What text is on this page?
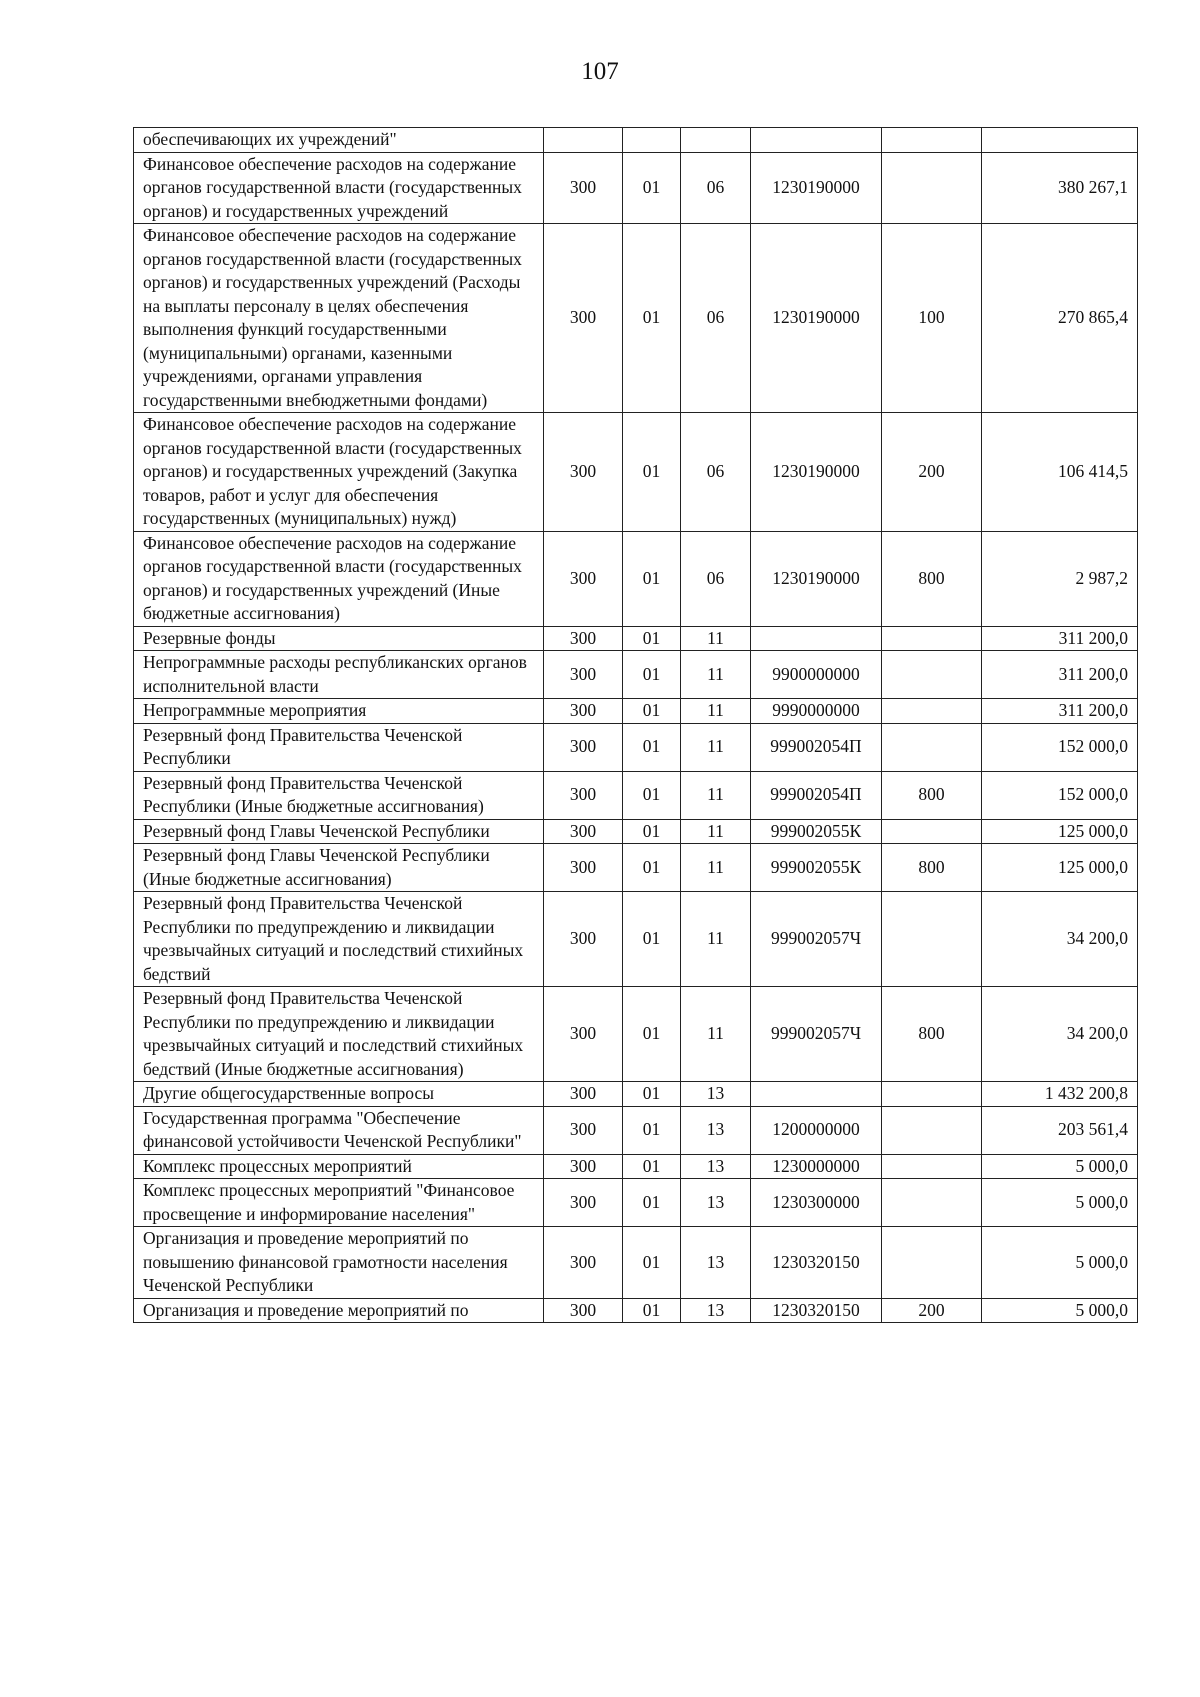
107
обеспечивающих их учреждений"						
Финансовое обеспечение расходов на содержание органов государственной власти (государственных органов) и государственных учреждений	300	01	06	1230190000		380 267,1
Финансовое обеспечение расходов на содержание органов государственной власти (государственных органов) и государственных учреждений (Расходы на выплаты персоналу в целях обеспечения выполнения функций государственными (муниципальными) органами, казенными учреждениями, органами управления государственными внебюджетными фондами)	300	01	06	1230190000	100	270 865,4
Финансовое обеспечение расходов на содержание органов государственной власти (государственных органов) и государственных учреждений (Закупка товаров, работ и услуг для обеспечения государственных (муниципальных) нужд)	300	01	06	1230190000	200	106 414,5
Финансовое обеспечение расходов на содержание органов государственной власти (государственных органов) и государственных учреждений (Иные бюджетные ассигнования)	300	01	06	1230190000	800	2 987,2
Резервные фонды	300	01	11			311 200,0
Непрограммные расходы республиканских органов исполнительной власти	300	01	11	9900000000		311 200,0
Непрограммные мероприятия	300	01	11	9990000000		311 200,0
Резервный фонд Правительства Чеченской Республики	300	01	11	999002054П		152 000,0
Резервный фонд Правительства Чеченской Республики (Иные бюджетные ассигнования)	300	01	11	999002054П	800	152 000,0
Резервный фонд Главы Чеченской Республики	300	01	11	999002055К		125 000,0
Резервный фонд Главы Чеченской Республики (Иные бюджетные ассигнования)	300	01	11	999002055К	800	125 000,0
Резервный фонд Правительства Чеченской Республики по предупреждению и ликвидации чрезвычайных ситуаций и последствий стихийных бедствий	300	01	11	999002057Ч		34 200,0
Резервный фонд Правительства Чеченской Республики по предупреждению и ликвидации чрезвычайных ситуаций и последствий стихийных бедствий (Иные бюджетные ассигнования)	300	01	11	999002057Ч	800	34 200,0
Другие общегосударственные вопросы	300	01	13			1 432 200,8
Государственная программа "Обеспечение финансовой устойчивости Чеченской Республики"	300	01	13	1200000000		203 561,4
Комплекс процессных мероприятий	300	01	13	1230000000		5 000,0
Комплекс процессных мероприятий "Финансовое просвещение и информирование населения"	300	01	13	1230300000		5 000,0
Организация и проведение мероприятий по повышению финансовой грамотности населения Чеченской Республики	300	01	13	1230320150		5 000,0
Организация и проведение мероприятий по	300	01	13	1230320150	200	5 000,0
